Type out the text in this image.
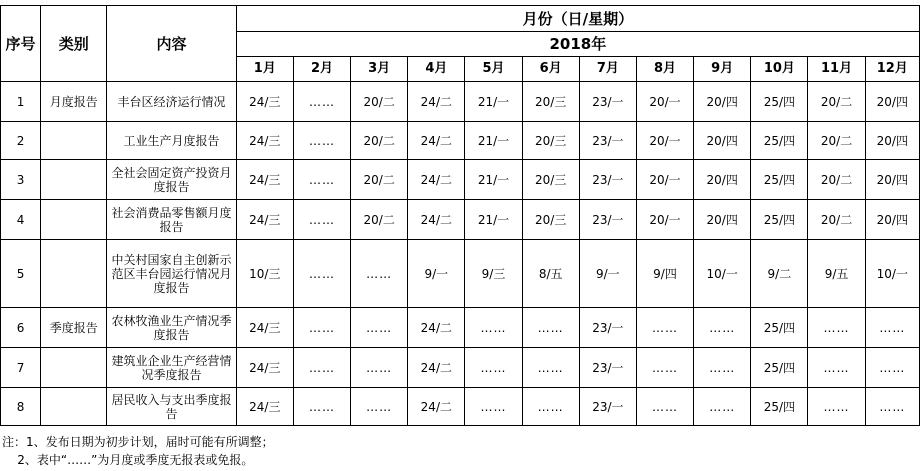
序号	类别	内容	月份（日/星期）											
			2018年											
			1月	2月	3月	4月	5月	6月	7月	8月	9月	10月	11月	12月
1	月度报告	丰台区经济运行情况	24/三	……	20/二	24/二	21/一	20/三	23/一	20/一	20/四	25/四	20/二	20/四
2		工业生产月度报告	24/三	……	20/二	24/二	21/一	20/三	23/一	20/一	20/四	25/四	20/二	20/四
3		全社会固定资产投资月度报告	24/三	……	20/二	24/二	21/一	20/三	23/一	20/一	20/四	25/四	20/二	20/四
4		社会消费品零售额月度报告	24/三	……	20/二	24/二	21/一	20/三	23/一	20/一	20/四	25/四	20/二	20/四
5		中关村国家自主创新示范区丰台园运行情况月度报告	10/三	……	……	9/一	9/三	8/五	9/一	9/四	10/一	9/二	9/五	10/一
6	季度报告	农林牧渔业生产情况季度报告	24/三	……	……	24/二	……	……	23/一	……	……	25/四	……	……
7		建筑业企业生产经营情况季度报告	24/三	……	……	24/二	……	……	23/一	……	……	25/四	……	……
8		居民收入与支出季度报告	24/三	……	……	24/二	……	……	23/一	……	……	25/四	……	……
注：1、发布日期为初步计划，届时可能有所调整；
2、表中“……”为月度或季度无报表或免报。
